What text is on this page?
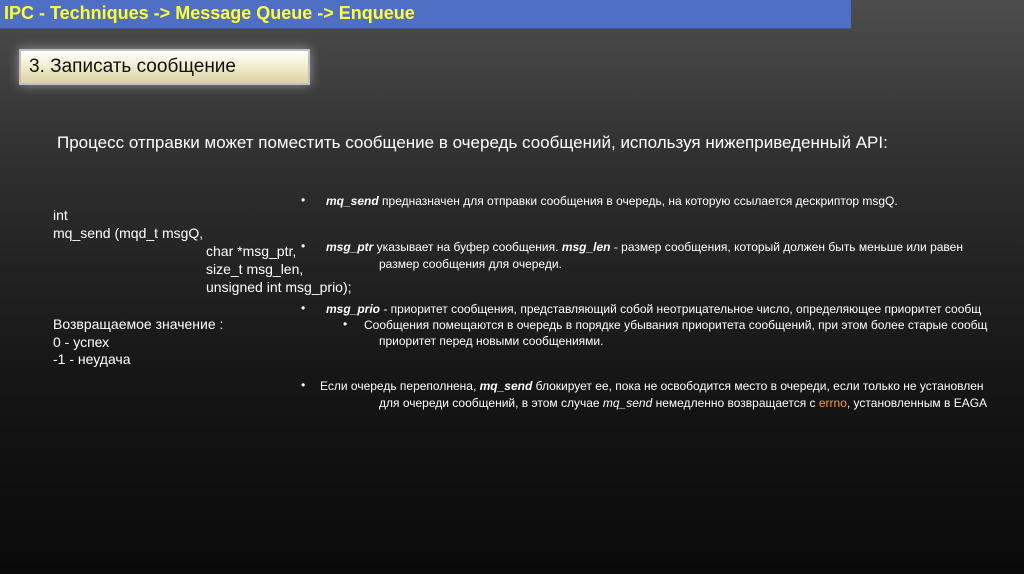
IPC - Techniques -> Message Queue -> Enqueue
3. Записать сообщение
Процесс отправки может поместить сообщение в очередь сообщений, используя нижеприведенный API:
int
mq_send (mqd_t msgQ,
char *msg_ptr,
size_t msg_len,
unsigned int msg_prio);
Возвращаемое значение :
0 - успех
-1 - неудача
• mq_send предназначен для отправки сообщения в очередь, на которую ссылается дескриптор msgQ.
• msg_ptr указывает на буфер сообщения. msg_len - размер сообщения, который должен быть меньше или равен
размер сообщения для очереди.
• msg_prio - приоритет сообщения, представляющий собой неотрицательное число, определяющее приоритет сообщ
• Сообщения помещаются в очередь в порядке убывания приоритета сообщений, при этом более старые сообщ
приоритет перед новыми сообщениями.
• Если очередь переполнена, mq_send блокирует ее, пока не освободится место в очереди, если только не установлен
для очереди сообщений, в этом случае mq_send немедленно возвращается с errno, установленным в EAGA
